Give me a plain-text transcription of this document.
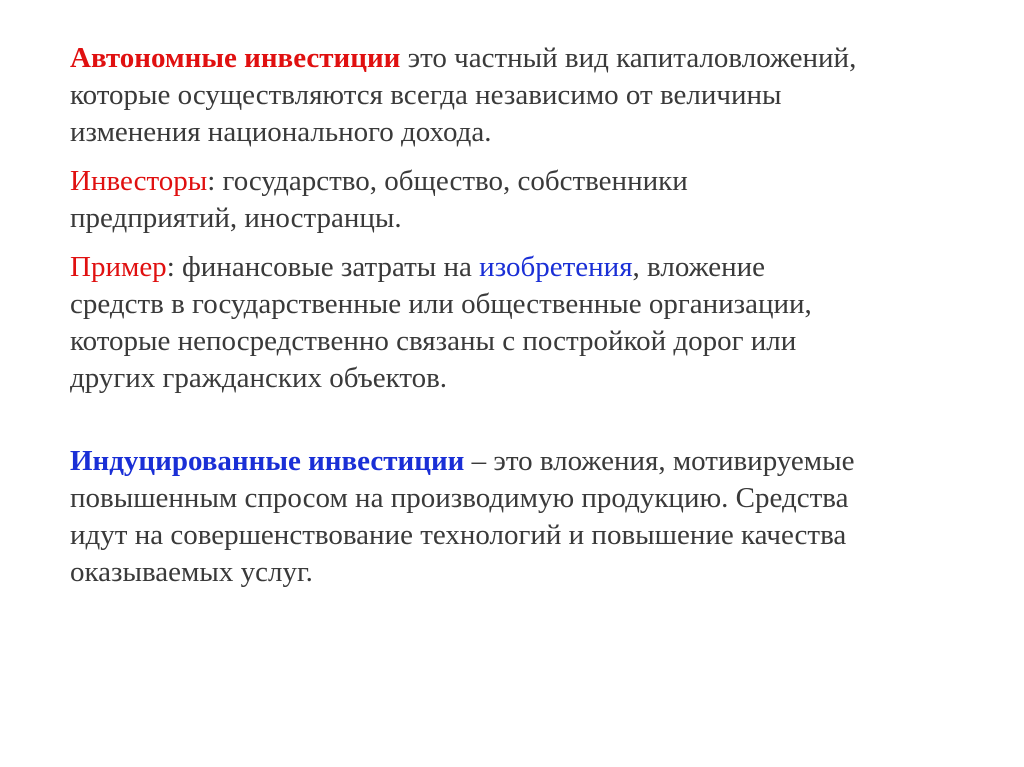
Автономные инвестиции это частный вид капиталовложений,
которые осуществляются всегда независимо от величины
изменения национального дохода.

Инвесторы: государство, общество, собственники
предприятий, иностранцы.

Пример: финансовые затраты на изобретения, вложение
средств в государственные или общественные организации,
которые непосредственно связаны с постройкой дорог или
других гражданских объектов.

Индуцированные инвестиции – это вложения, мотивируемые
повышенным спросом на производимую продукцию. Средства
идут на совершенствование технологий и повышение качества
оказываемых услуг.
